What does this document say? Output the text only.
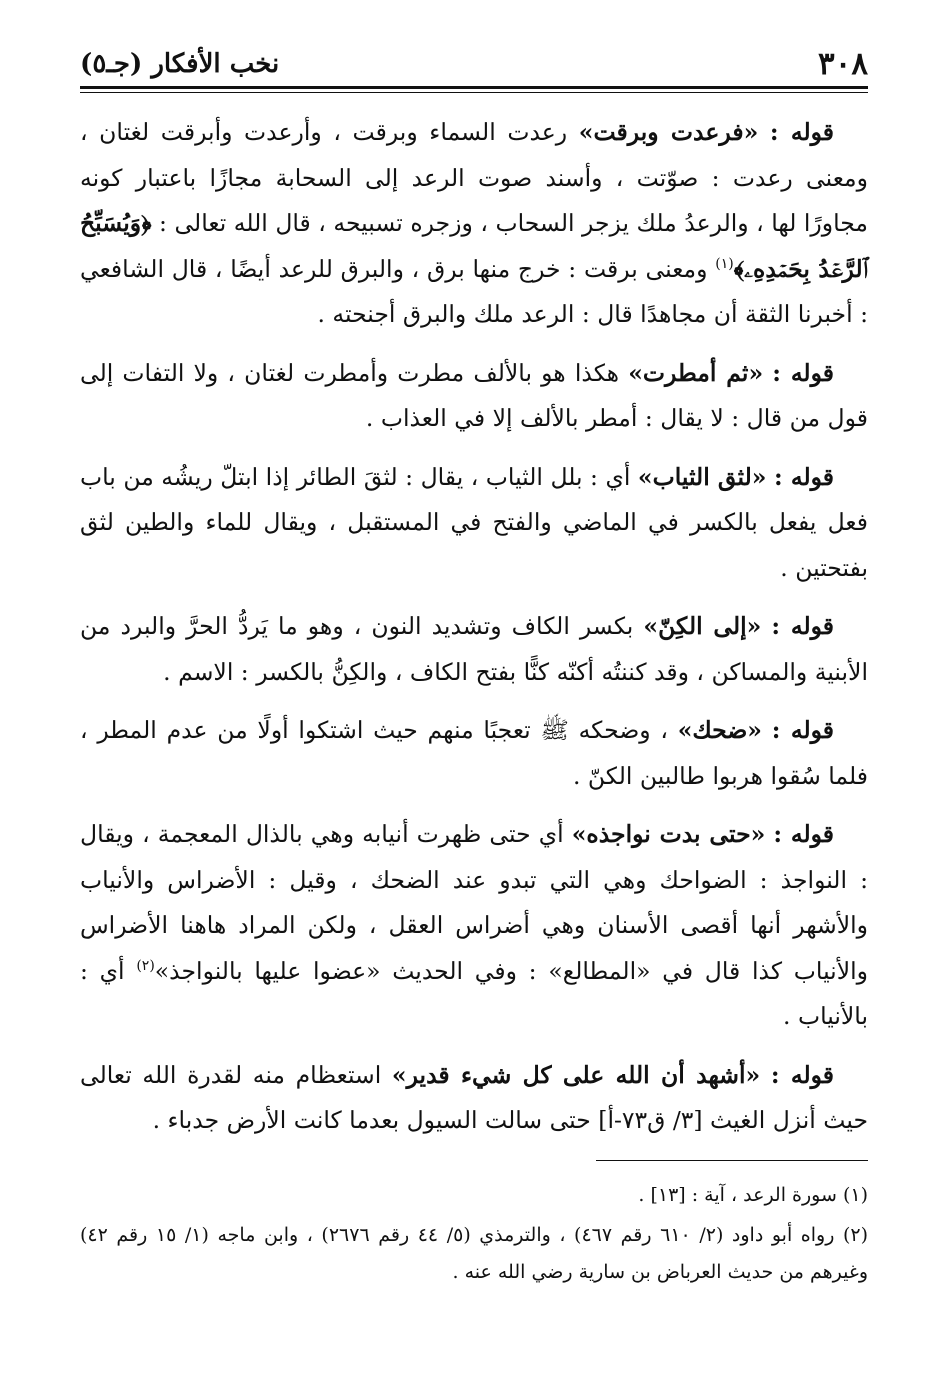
٣٠٨
نخب الأفكار (جـ٥)

قوله : «فرعدت وبرقت» رعدت السماء وبرقت ، وأرعدت وأبرقت لغتان ، ومعنى رعدت : صوّتت ، وأسند صوت الرعد إلى السحابة مجازًا باعتبار كونه مجاورًا لها ، والرعدُ ملك يزجر السحاب ، وزجره تسبيحه ، قال الله تعالى : ﴿وَيُسَبِّحُ ٱلرَّعۡدُ بِحَمۡدِهِۦ﴾$^{(١)}$ ومعنى برقت : خرج منها برق ، والبرق للرعد أيضًا ، قال الشافعي : أخبرنا الثقة أن مجاهدًا قال : الرعد ملك والبرق أجنحته .

قوله : «ثم أمطرت» هكذا هو بالألف مطرت وأمطرت لغتان ، ولا التفات إلى قول من قال : لا يقال : أمطر بالألف إلا في العذاب .

قوله : «لثق الثياب» أي : بلل الثياب ، يقال : لثقَ الطائر إذا ابتلّ ريشُه من باب فعل يفعل بالكسر في الماضي والفتح في المستقبل ، ويقال للماء والطين لثق بفتحتين .

قوله : «إلى الكِنّ» بكسر الكاف وتشديد النون ، وهو ما يَردُّ الحرَّ والبرد من الأبنية والمساكن ، وقد كننتُه أكنّه كنًّا بفتح الكاف ، والكِنُّ بالكسر : الاسم .

قوله : «ضحك» ، وضحكه ﷺ تعجبًا منهم حيث اشتكوا أولًا من عدم المطر ، فلما سُقوا هربوا طالبين الكنّ .

قوله : «حتى بدت نواجذه» أي حتى ظهرت أنيابه وهي بالذال المعجمة ، ويقال : النواجذ : الضواحك وهي التي تبدو عند الضحك ، وقيل : الأضراس والأنياب والأشهر أنها أقصى الأسنان وهي أضراس العقل ، ولكن المراد هاهنا الأضراس والأنياب كذا قال في «المطالع» : وفي الحديث «عضوا عليها بالنواجذ»$^{(٢)}$ أي : بالأنياب .

قوله : «أشهد أن الله على كل شيء قدير» استعظام منه لقدرة الله تعالى حيث أنزل الغيث [٣/ ق٧٣-أ] حتى سالت السيول بعدما كانت الأرض جدباء .

(١) سورة الرعد ، آية : [١٣] .

(٢) رواه أبو داود (٢/ ٦١٠ رقم ٤٦٧) ، والترمذي (٥/ ٤٤ رقم ٢٦٧٦) ، وابن ماجه (١/ ١٥ رقم ٤٢) وغيرهم من حديث العرباض بن سارية رضي الله عنه .
